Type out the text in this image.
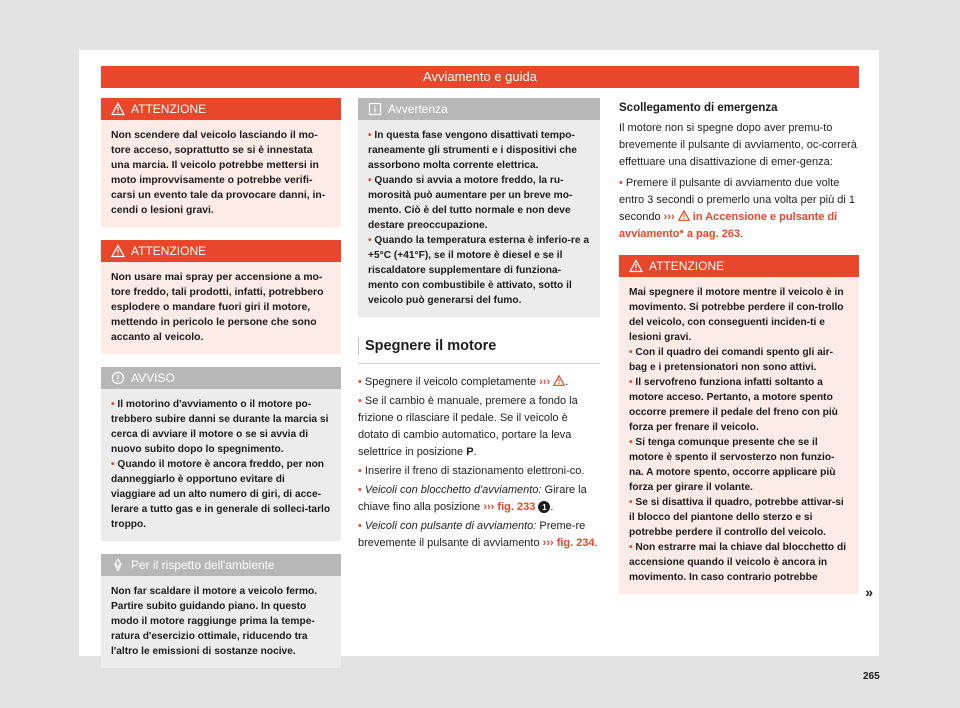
Avviamento e guida
ATTENZIONE

Non scendere dal veicolo lasciando il mo-tore acceso, soprattutto se si è innestata una marcia. Il veicolo potrebbe mettersi in moto improvvisamente o potrebbe verifi-carsi un evento tale da provocare danni, in-cendi o lesioni gravi.

ATTENZIONE

Non usare mai spray per accensione a mo-tore freddo, tali prodotti, infatti, potrebbero esplodere o mandare fuori giri il motore, mettendo in pericolo le persone che sono accanto al veicolo.

AVVISO

• Il motorino d'avviamento o il motore po-trebbero subire danni se durante la marcia si cerca di avviare il motore o se si avvia di nuovo subito dopo lo spegnimento.

• Quando il motore è ancora freddo, per non danneggiarlo è opportuno evitare di viaggiare ad un alto numero di giri, di acce-lerare a tutto gas e in generale di solleci-tarlo troppo.

Per il rispetto dell'ambiente

Non far scaldare il motore a veicolo fermo. Partire subito guidando piano. In questo modo il motore raggiunge prima la tempe-ratura d'esercizio ottimale, riducendo tra l'altro le emissioni di sostanze nocive.

Avvertenza

• In questa fase vengono disattivati tempo-raneamente gli strumenti e i dispositivi che assorbono molta corrente elettrica.

• Quando si avvia a motore freddo, la ru-morosità può aumentare per un breve mo-mento. Ciò è del tutto normale e non deve destare preoccupazione.

• Quando la temperatura esterna è inferio-re a +5°C (+41°F), se il motore è diesel e se il riscaldatore supplementare di funziona-mento con combustibile è attivato, sotto il veicolo può generarsi del fumo.

Spegnere il motore

• Spegnere il veicolo completamente ››› .

• Se il cambio è manuale, premere a fondo la frizione o rilasciare il pedale. Se il veicolo è dotato di cambio automatico, portare la leva selettrice in posizione P.

• Inserire il freno di stazionamento elettroni-co.

• Veicoli con blocchetto d'avviamento: Girare la chiave fino alla posizione ››› fig. 233 1 .

• Veicoli con pulsante di avviamento: Preme-re brevemente il pulsante di avviamento ››› fig. 234.

Scollegamento di emergenza

Il motore non si spegne dopo aver premu-to brevemente il pulsante di avviamento, oc-correrà effettuare una disattivazione di emer-genza:

• Premere il pulsante di avviamento due volte entro 3 secondi o premerlo una volta per più di 1 secondo ››› in Accensione e pulsante di avviamento* a pag. 263.

ATTENZIONE

Mai spegnere il motore mentre il veicolo è in movimento. Si potrebbe perdere il con-trollo del veicolo, con conseguenti inciden-ti e lesioni gravi.

• Con il quadro dei comandi spento gli air-bag e i pretensionatori non sono attivi.

• Il servofreno funziona infatti soltanto a motore acceso. Pertanto, a motore spento occorre premere il pedale del freno con più forza per frenare il veicolo.

• Si tenga comunque presente che se il motore è spento il servosterzo non funzio-na. A motore spento, occorre applicare più forza per girare il volante.

• Se si disattiva il quadro, potrebbe attivar-si il blocco del piantone dello sterzo e si potrebbe perdere il controllo del veicolo.

• Non estrarre mai la chiave dal blocchetto di accensione quando il veicolo è ancora in movimento. In caso contrario potrebbe

»
265
